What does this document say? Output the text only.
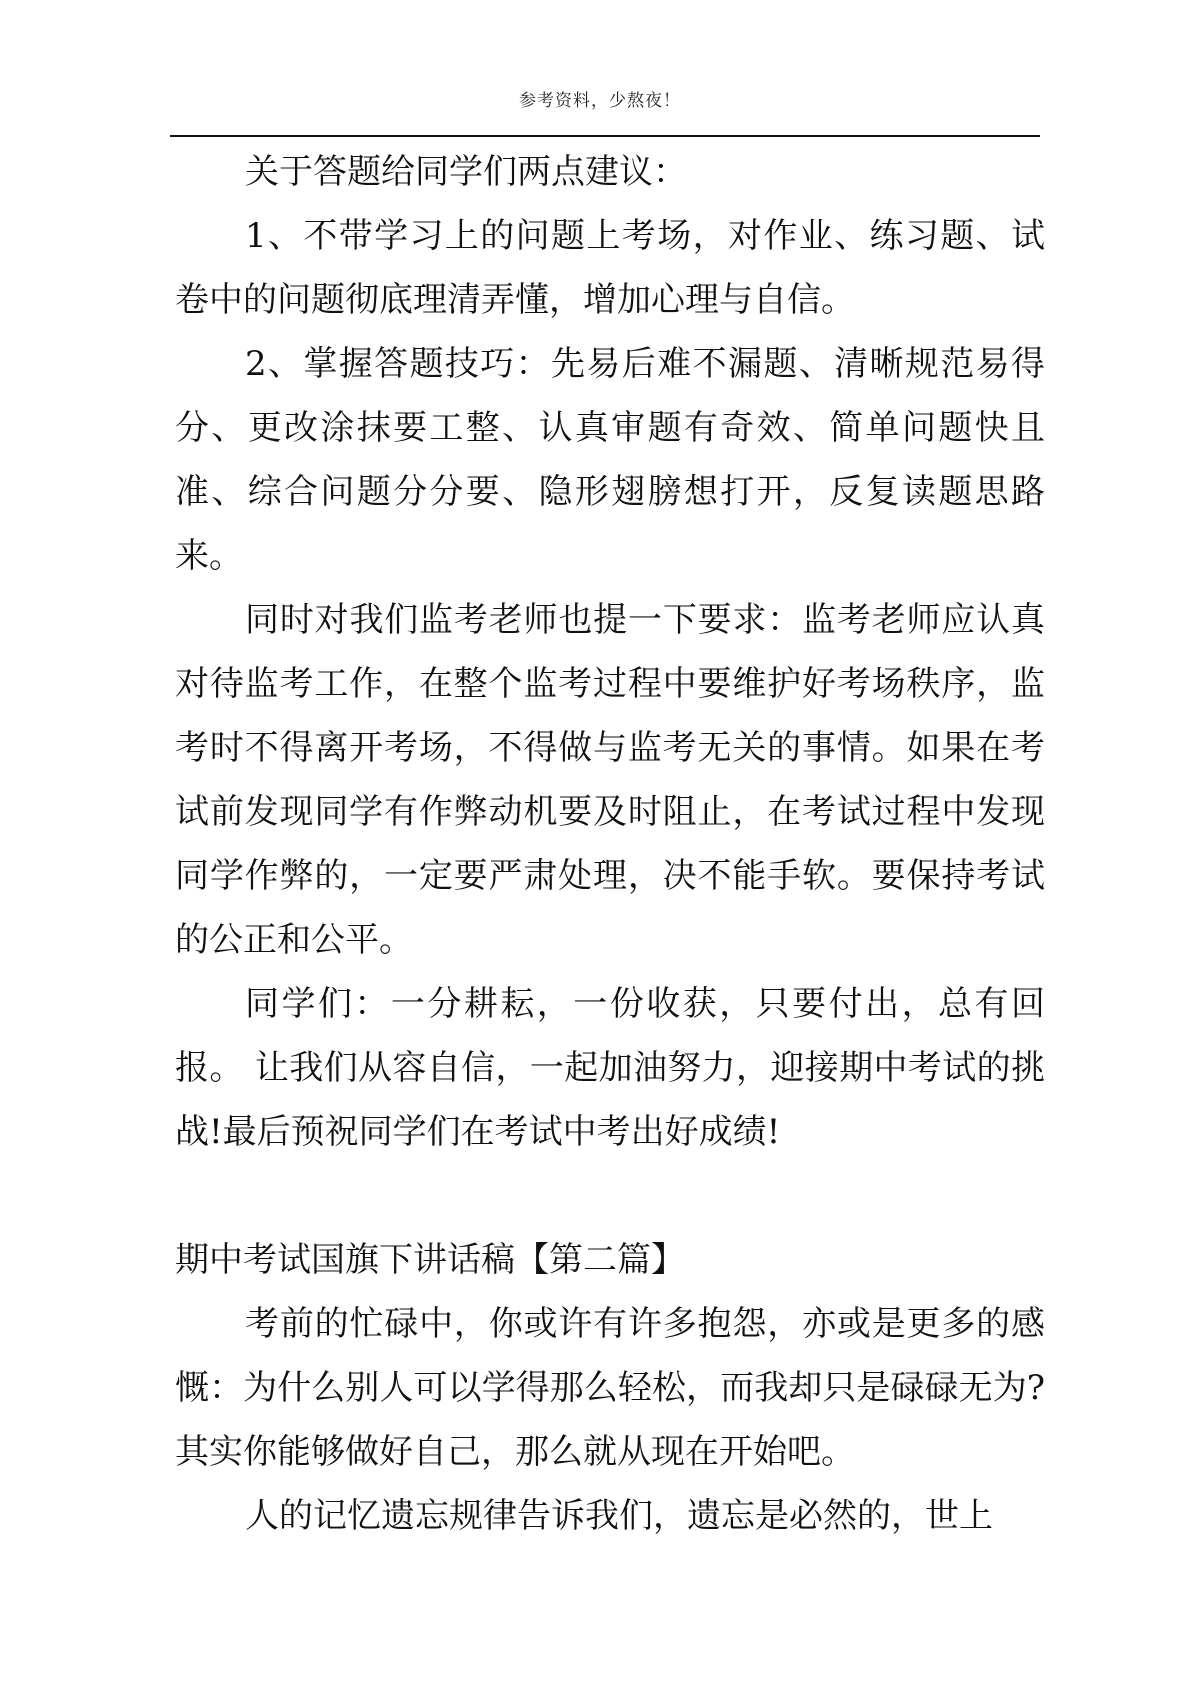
参考资料，少熬夜！

关于答题给同学们两点建议：

1、不带学习上的问题上考场，对作业、练习题、试卷中的问题彻底理清弄懂，增加心理与自信。

2、掌握答题技巧：先易后难不漏题、清晰规范易得分、更改涂抹要工整、认真审题有奇效、简单问题快且准、综合问题分分要、隐形翅膀想打开，反复读题思路来。

同时对我们监考老师也提一下要求：监考老师应认真对待监考工作，在整个监考过程中要维护好考场秩序，监考时不得离开考场，不得做与监考无关的事情。如果在考试前发现同学有作弊动机要及时阻止，在考试过程中发现同学作弊的，一定要严肃处理，决不能手软。要保持考试的公正和公平。

同学们：一分耕耘，一份收获，只要付出，总有回报。 让我们从容自信，一起加油努力，迎接期中考试的挑战!最后预祝同学们在考试中考出好成绩!

期中考试国旗下讲话稿【第二篇】

考前的忙碌中，你或许有许多抱怨，亦或是更多的感慨：为什么别人可以学得那么轻松，而我却只是碌碌无为?其实你能够做好自己，那么就从现在开始吧。

人的记忆遗忘规律告诉我们，遗忘是必然的，世上
